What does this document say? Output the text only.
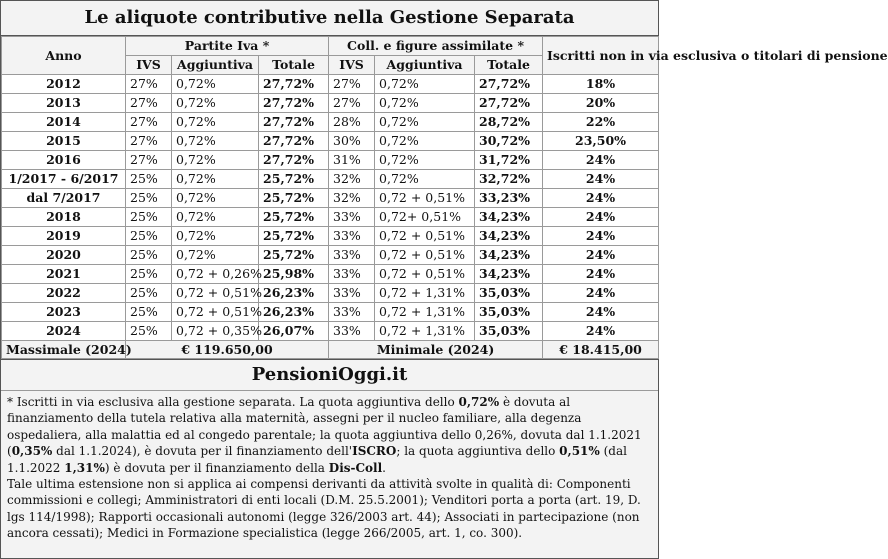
Le aliquote contributive nella Gestione Separata
Anno	Partite Iva *			Coll. e figure assimilate *			Iscritti non in via esclusiva o titolari di pensione
	IVS	Aggiuntiva	Totale	IVS	Aggiuntiva	Totale	
2012	27%	0,72%	27,72%	27%	0,72%	27,72%	18%
2013	27%	0,72%	27,72%	27%	0,72%	27,72%	20%
2014	27%	0,72%	27,72%	28%	0,72%	28,72%	22%
2015	27%	0,72%	27,72%	30%	0,72%	30,72%	23,50%
2016	27%	0,72%	27,72%	31%	0,72%	31,72%	24%
1/2017 - 6/2017	25%	0,72%	25,72%	32%	0,72%	32,72%	24%
dal 7/2017	25%	0,72%	25,72%	32%	0,72 + 0,51%	33,23%	24%
2018	25%	0,72%	25,72%	33%	0,72+ 0,51%	34,23%	24%
2019	25%	0,72%	25,72%	33%	0,72 + 0,51%	34,23%	24%
2020	25%	0,72%	25,72%	33%	0,72 + 0,51%	34,23%	24%
2021	25%	0,72 + 0,26%	25,98%	33%	0,72 + 0,51%	34,23%	24%
2022	25%	0,72 + 0,51%	26,23%	33%	0,72 + 1,31%	35,03%	24%
2023	25%	0,72 + 0,51%	26,23%	33%	0,72 + 1,31%	35,03%	24%
2024	25%	0,72 + 0,35%	26,07%	33%	0,72 + 1,31%	35,03%	24%
Massimale (2024)	€ 119.650,00			Minimale (2024)			€ 18.415,00
PensioniOggi.it

* Iscritti in via esclusiva alla gestione separata. La quota aggiuntiva dello 0,72% è dovuta al finanziamento della tutela relativa alla maternità, assegni per il nucleo familiare, alla degenza ospedaliera, alla malattia ed al congedo parentale; la quota aggiuntiva dello 0,26%, dovuta dal 1.1.2021 (0,35% dal 1.1.2024), è dovuta per il finanziamento dell'ISCRO; la quota aggiuntiva dello 0,51% (dal 1.1.2022 1,31%) è dovuta per il finanziamento della Dis-Coll.

Tale ultima estensione non si applica ai compensi derivanti da attività svolte in qualità di: Componenti commissioni e collegi; Amministratori di enti locali (D.M. 25.5.2001); Venditori porta a porta (art. 19, D. lgs 114/1998); Rapporti occasionali autonomi (legge 326/2003 art. 44); Associati in partecipazione (non ancora cessati); Medici in Formazione specialistica (legge 266/2005, art. 1, co. 300).
